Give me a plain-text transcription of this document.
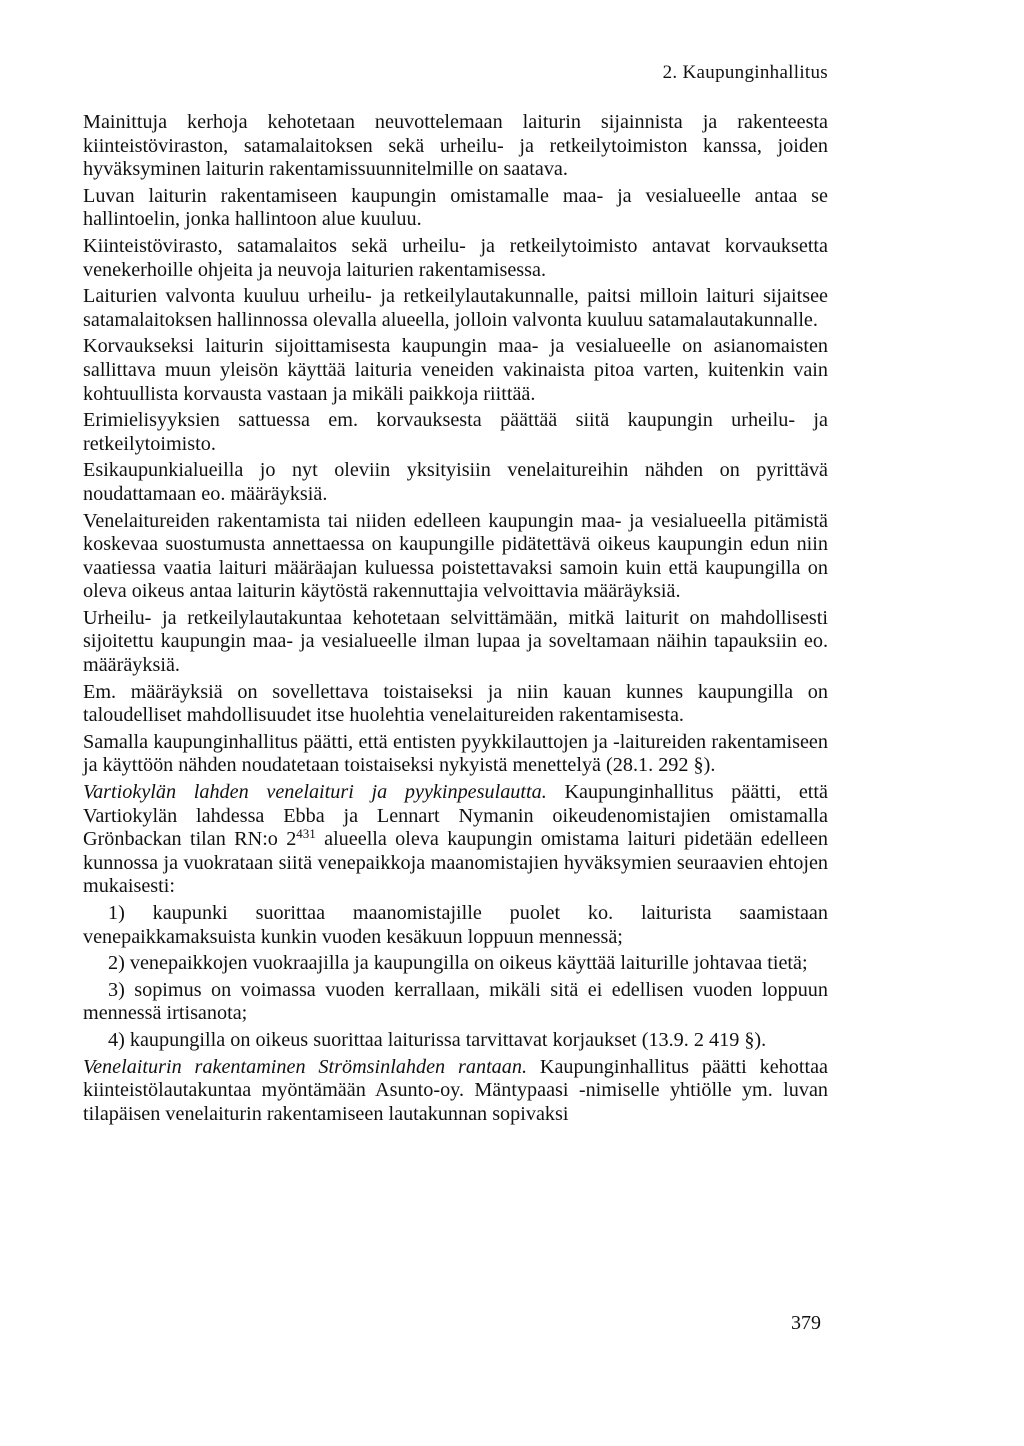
2. Kaupunginhallitus

Mainittuja kerhoja kehotetaan neuvottelemaan laiturin sijainnista ja rakenteesta kiinteistöviraston, satamalaitoksen sekä urheilu- ja retkeilytoimiston kanssa, joiden hyväksyminen laiturin rakentamissuunnitelmille on saatava.

Luvan laiturin rakentamiseen kaupungin omistamalle maa- ja vesialueelle antaa se hallintoelin, jonka hallintoon alue kuuluu.

Kiinteistövirasto, satamalaitos sekä urheilu- ja retkeilytoimisto antavat korvauksetta venekerhoille ohjeita ja neuvoja laiturien rakentamisessa.

Laiturien valvonta kuuluu urheilu- ja retkeilylautakunnalle, paitsi milloin laituri sijaitsee satamalaitoksen hallinnossa olevalla alueella, jolloin valvonta kuuluu satamalautakunnalle.

Korvaukseksi laiturin sijoittamisesta kaupungin maa- ja vesialueelle on asianomaisten sallittava muun yleisön käyttää laituria veneiden vakinaista pitoa varten, kuitenkin vain kohtuullista korvausta vastaan ja mikäli paikkoja riittää.

Erimielisyyksien sattuessa em. korvauksesta päättää siitä kaupungin urheilu- ja retkeilytoimisto.

Esikaupunkialueilla jo nyt oleviin yksityisiin venelaitureihin nähden on pyrittävä noudattamaan eo. määräyksiä.

Venelaitureiden rakentamista tai niiden edelleen kaupungin maa- ja vesialueella pitämistä koskevaa suostumusta annettaessa on kaupungille pidätettävä oikeus kaupungin edun niin vaatiessa vaatia laituri määräajan kuluessa poistettavaksi samoin kuin että kaupungilla on oleva oikeus antaa laiturin käytöstä rakennuttajia velvoittavia määräyksiä.

Urheilu- ja retkeilylautakuntaa kehotetaan selvittämään, mitkä laiturit on mahdollisesti sijoitettu kaupungin maa- ja vesialueelle ilman lupaa ja soveltamaan näihin tapauksiin eo. määräyksiä.

Em. määräyksiä on sovellettava toistaiseksi ja niin kauan kunnes kaupungilla on taloudelliset mahdollisuudet itse huolehtia venelaitureiden rakentamisesta.

Samalla kaupunginhallitus päätti, että entisten pyykkilauttojen ja -laitureiden rakentamiseen ja käyttöön nähden noudatetaan toistaiseksi nykyistä menettelyä (28.1. 292 §).

Vartiokylän lahden venelaituri ja pyykinpesulautta. Kaupunginhallitus päätti, että Vartiokylän lahdessa Ebba ja Lennart Nymanin oikeudenomistajien omistamalla Grönbackan tilan RN:o $2^{431}$ alueella oleva kaupungin omistama laituri pidetään edelleen kunnossa ja vuokrataan siitä venepaikkoja maanomistajien hyväksymien seuraavien ehtojen mukaisesti:

1) kaupunki suorittaa maanomistajille puolet ko. laiturista saamistaan venepaikkamaksuista kunkin vuoden kesäkuun loppuun mennessä;

2) venepaikkojen vuokraajilla ja kaupungilla on oikeus käyttää laiturille johtavaa tietä;

3) sopimus on voimassa vuoden kerrallaan, mikäli sitä ei edellisen vuoden loppuun mennessä irtisanota;

4) kaupungilla on oikeus suorittaa laiturissa tarvittavat korjaukset (13.9. 2 419 §).

Venelaiturin rakentaminen Strömsinlahden rantaan. Kaupunginhallitus päätti kehottaa kiinteistölautakuntaa myöntämään Asunto-oy. Mäntypaasi -nimiselle yhtiölle ym. luvan tilapäisen venelaiturin rakentamiseen lautakunnan sopivaksi

379
